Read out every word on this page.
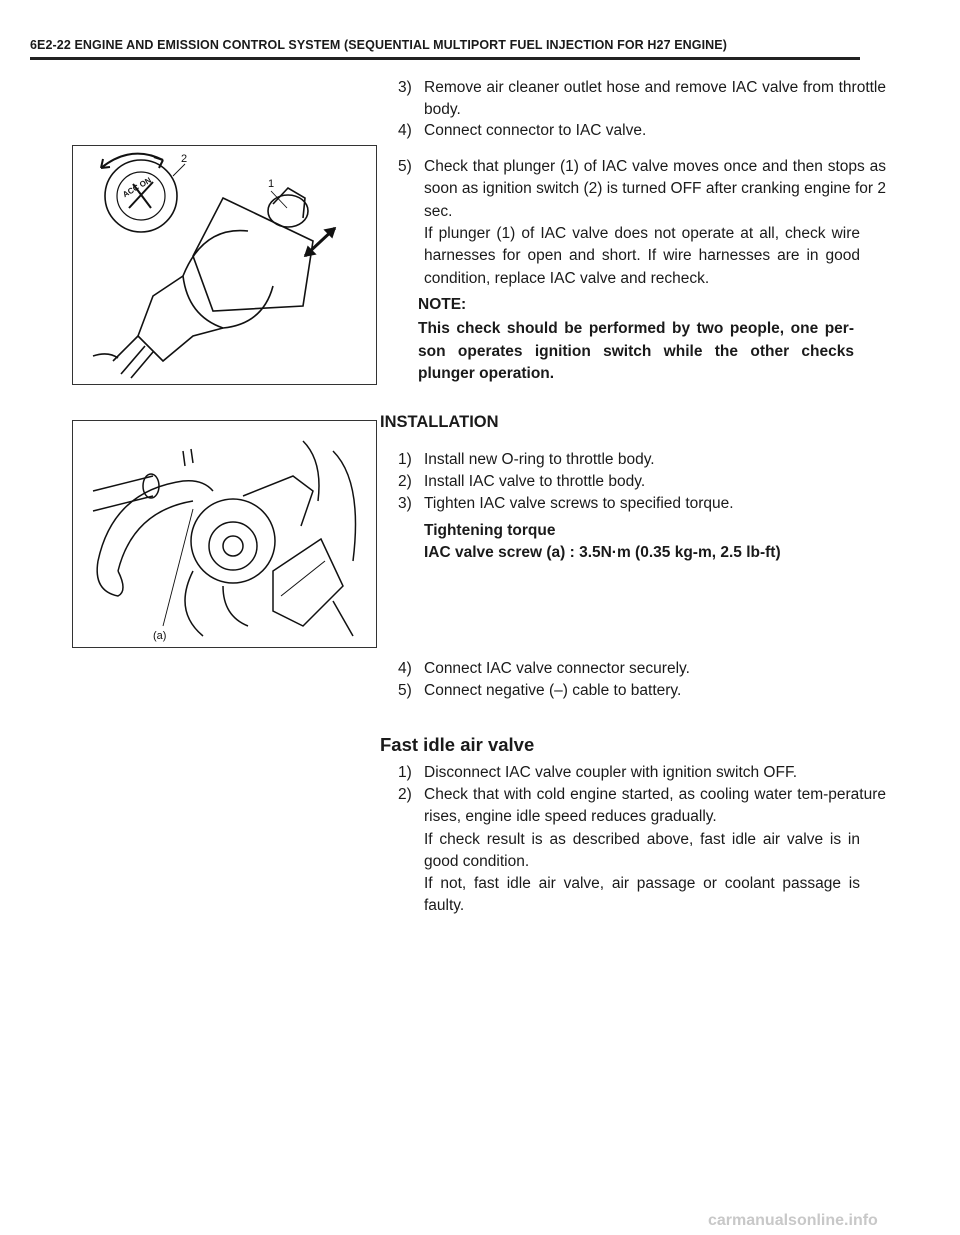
6E2-22 ENGINE AND EMISSION CONTROL SYSTEM (SEQUENTIAL MULTIPORT FUEL INJECTION FOR H27 ENGINE)
3) Remove air cleaner outlet hose and remove IAC valve from throttle body.
4) Connect connector to IAC valve.
5) Check that plunger (1) of IAC valve moves once and then stops as soon as ignition switch (2) is turned OFF after cranking engine for 2 sec.
If plunger (1) of IAC valve does not operate at all, check wire harnesses for open and short. If wire harnesses are in good condition, replace IAC valve and recheck.
NOTE:
This check should be performed by two people, one per-son operates ignition switch while the other checks plunger operation.
2
1
ACC ON
INSTALLATION
1) Install new O-ring to throttle body.
2) Install IAC valve to throttle body.
3) Tighten IAC valve screws to specified torque.
Tightening torque
IAC valve screw (a) : 3.5N·m (0.35 kg-m, 2.5 lb-ft)
(a)
4) Connect IAC valve connector securely.
5) Connect negative (–) cable to battery.
Fast idle air valve
1) Disconnect IAC valve coupler with ignition switch OFF.
2) Check that with cold engine started, as cooling water tem-perature rises, engine idle speed reduces gradually.
If check result is as described above, fast idle air valve is in good condition.
If not, fast idle air valve, air passage or coolant passage is faulty.
carmanualsonline.info
